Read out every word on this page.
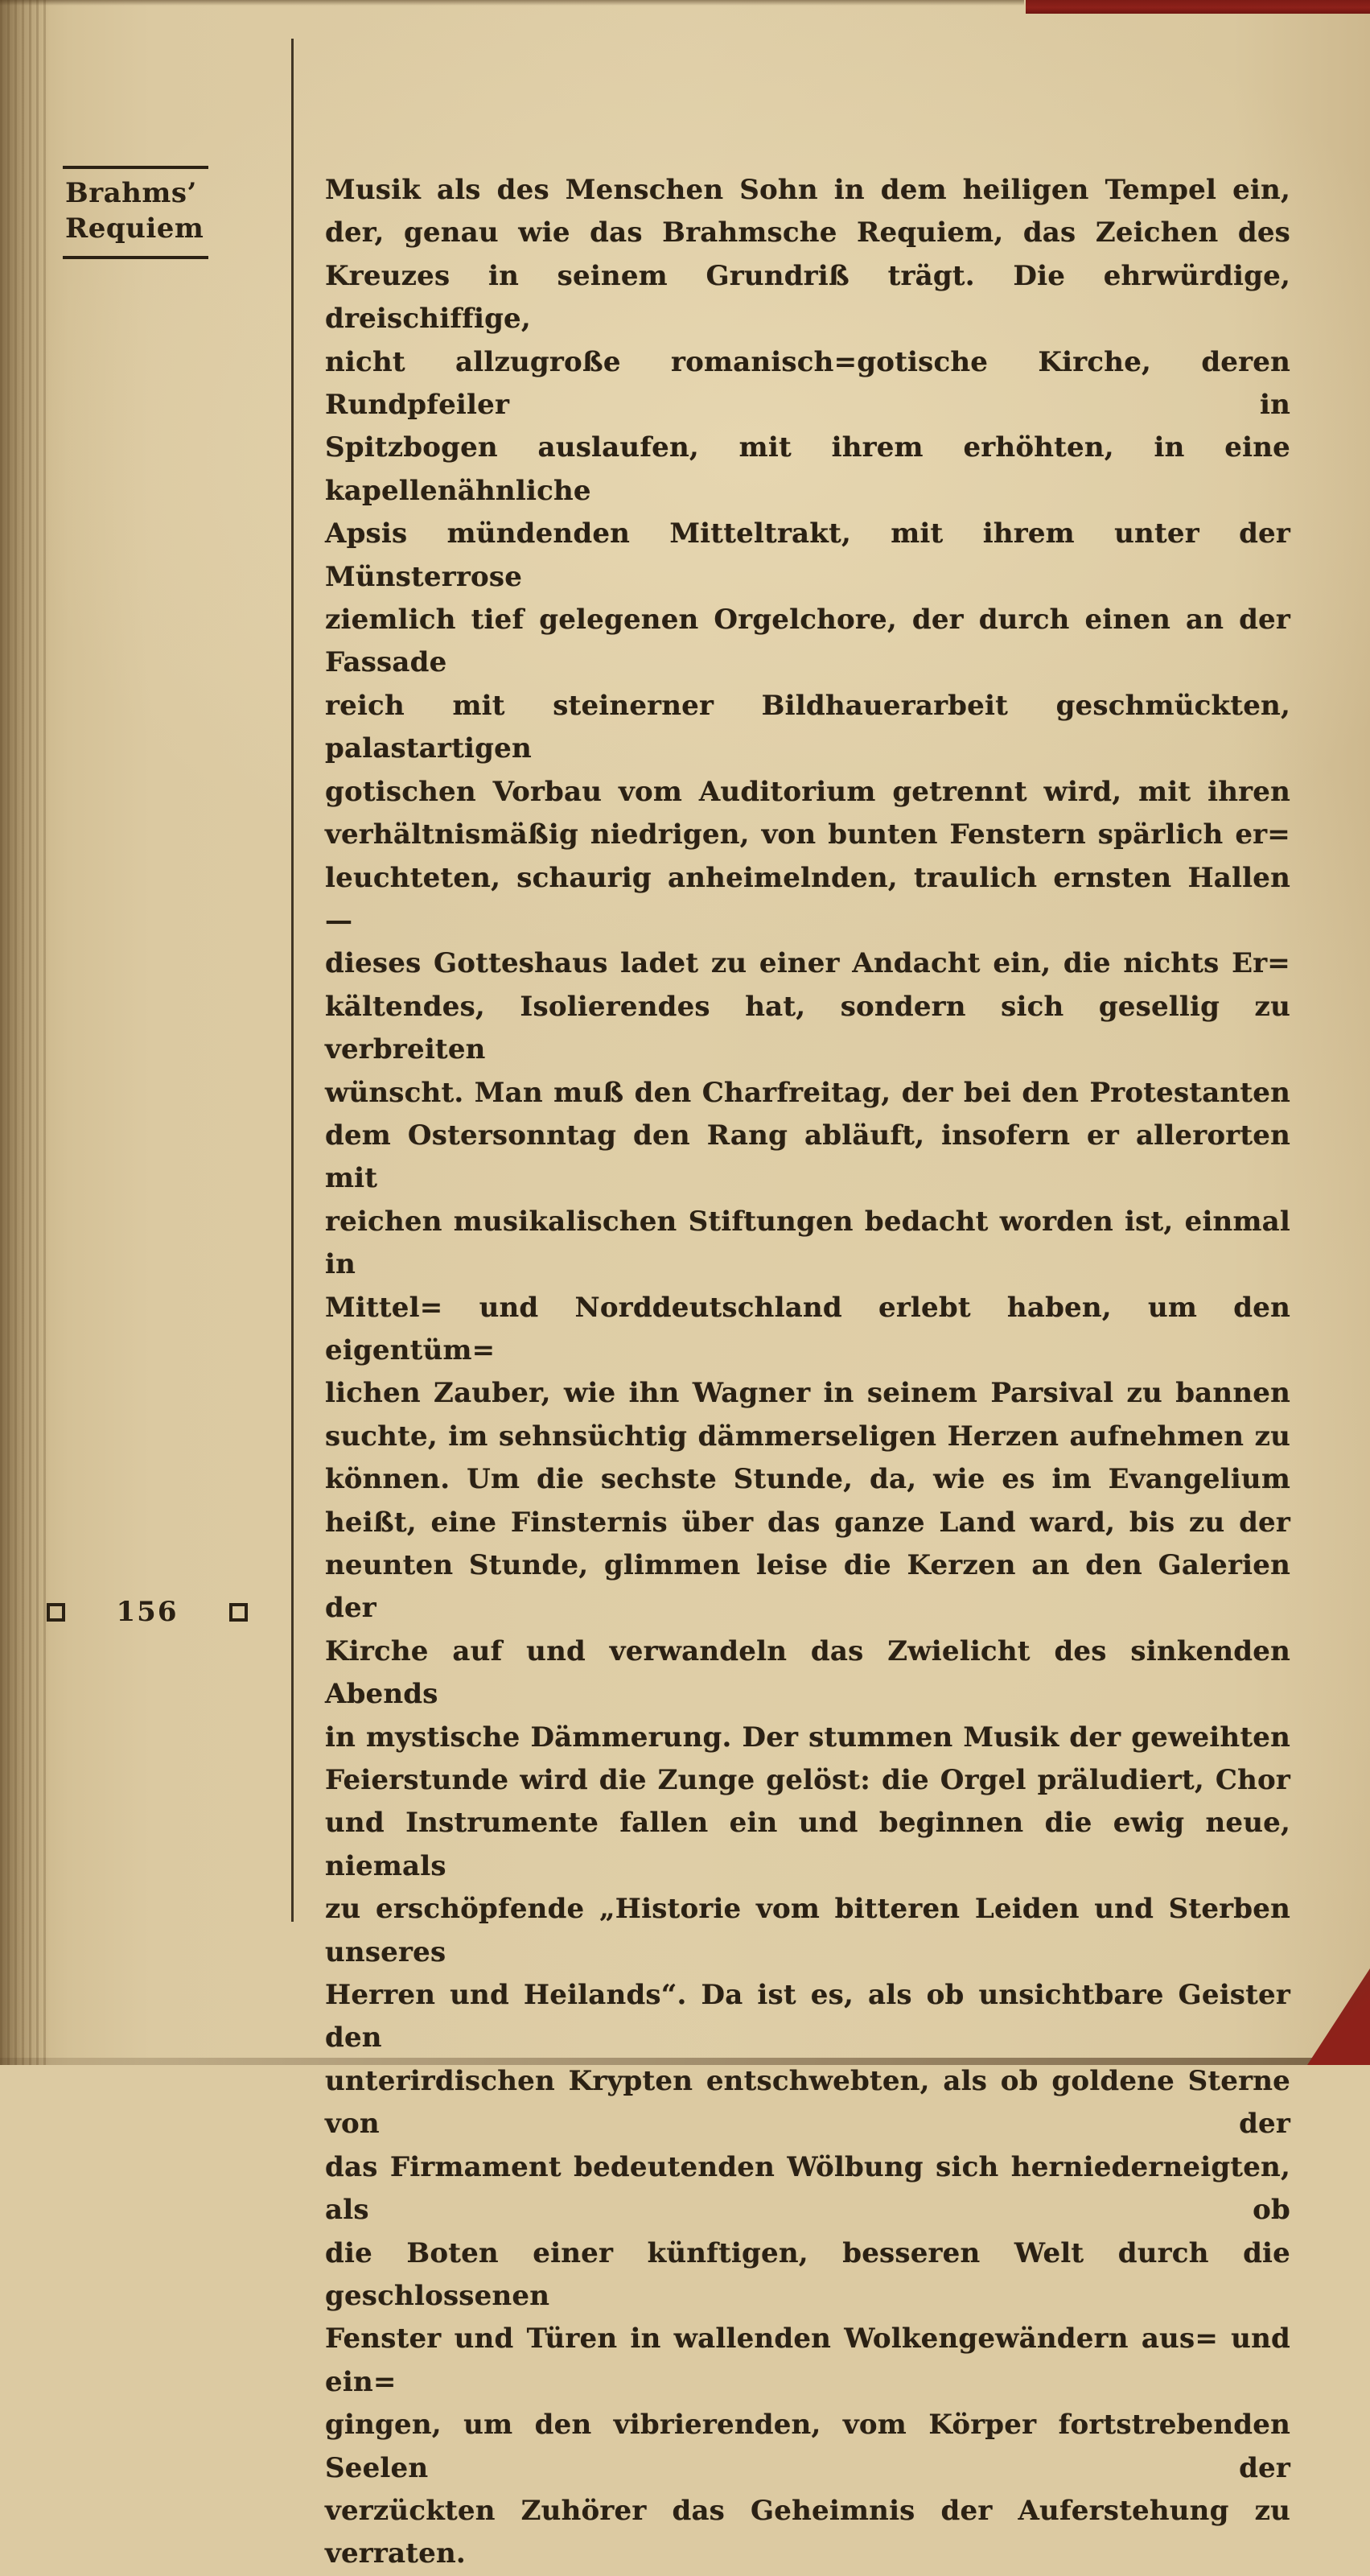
Brahms’
Requiem
Musik als des Menschen Sohn in dem heiligen Tempel ein,
der, genau wie das Brahmsche Requiem, das Zeichen des
Kreuzes in seinem Grundriß trägt. Die ehrwürdige, dreischiffige,
nicht allzugroße romanisch=gotische Kirche, deren Rundpfeiler in
Spitzbogen auslaufen, mit ihrem erhöhten, in eine kapellenähnliche
Apsis mündenden Mitteltrakt, mit ihrem unter der Münsterrose
ziemlich tief gelegenen Orgelchore, der durch einen an der Fassade
reich mit steinerner Bildhauerarbeit geschmückten, palastartigen
gotischen Vorbau vom Auditorium getrennt wird, mit ihren
verhältnismäßig niedrigen, von bunten Fenstern spärlich er=
leuchteten, schaurig anheimelnden, traulich ernsten Hallen —
dieses Gotteshaus ladet zu einer Andacht ein, die nichts Er=
kältendes, Isolierendes hat, sondern sich gesellig zu verbreiten
wünscht. Man muß den Charfreitag, der bei den Protestanten
dem Ostersonntag den Rang abläuft, insofern er allerorten mit
reichen musikalischen Stiftungen bedacht worden ist, einmal in
Mittel= und Norddeutschland erlebt haben, um den eigentüm=
lichen Zauber, wie ihn Wagner in seinem Parsival zu bannen
suchte, im sehnsüchtig dämmerseligen Herzen aufnehmen zu
können. Um die sechste Stunde, da, wie es im Evangelium
heißt, eine Finsternis über das ganze Land ward, bis zu der
neunten Stunde, glimmen leise die Kerzen an den Galerien der
Kirche auf und verwandeln das Zwielicht des sinkenden Abends
in mystische Dämmerung. Der stummen Musik der geweihten
Feierstunde wird die Zunge gelöst: die Orgel präludiert, Chor
und Instrumente fallen ein und beginnen die ewig neue, niemals
zu erschöpfende „Historie vom bitteren Leiden und Sterben unseres
Herren und Heilands“. Da ist es, als ob unsichtbare Geister den
unterirdischen Krypten entschwebten, als ob goldene Sterne von der
das Firmament bedeutenden Wölbung sich herniederneigten, als ob
die Boten einer künftigen, besseren Welt durch die geschlossenen
Fenster und Türen in wallenden Wolkengewändern aus= und ein=
gingen, um den vibrierenden, vom Körper fortstrebenden Seelen der
verzückten Zuhörer das Geheimnis der Auferstehung zu verraten.
156
